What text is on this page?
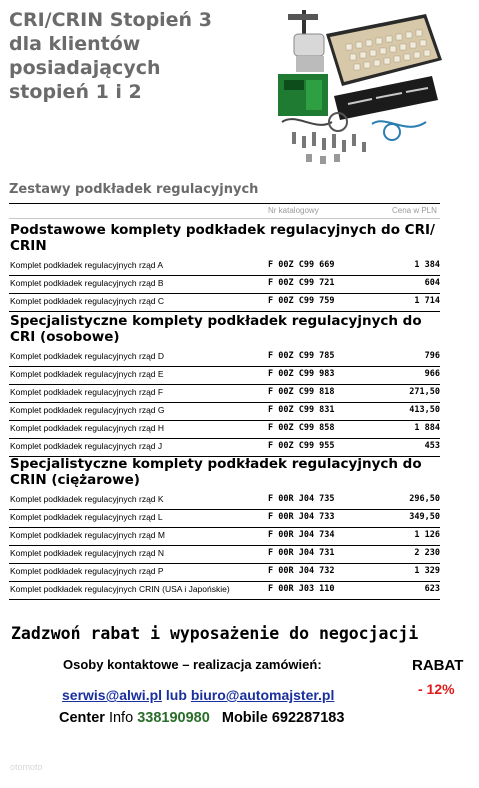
CRI/CRIN Stopień 3
dla klientów
posiadających
stopień 1 i 2
Zestawy podkładek regulacyjnych
Nr katalogowy	Cena w PLN
Podstawowe komplety podkładek regulacyjnych do CRI/ CRIN
Komplet podkładek regulacyjnych rząd A	F 00Z C99 669	1 384
Komplet podkładek regulacyjnych rząd B	F 00Z C99 721	604
Komplet podkładek regulacyjnych rząd C	F 00Z C99 759	1 714
Specjalistyczne komplety podkładek regulacyjnych do CRI (osobowe)
Komplet podkładek regulacyjnych rząd D	F 00Z C99 785	796
Komplet podkładek regulacyjnych rząd E	F 00Z C99 983	966
Komplet podkładek regulacyjnych rząd F	F 00Z C99 818	271,50
Komplet podkładek regulacyjnych rząd G	F 00Z C99 831	413,50
Komplet podkładek regulacyjnych rząd H	F 00Z C99 858	1 884
Komplet podkładek regulacyjnych rząd J	F 00Z C99 955	453
Specjalistyczne komplety podkładek regulacyjnych do CRIN (ciężarowe)
Komplet podkładek regulacyjnych rząd K	F 00R J04 735	296,50
Komplet podkładek regulacyjnych rząd L	F 00R J04 733	349,50
Komplet podkładek regulacyjnych rząd M	F 00R J04 734	1 126
Komplet podkładek regulacyjnych rząd N	F 00R J04 731	2 230
Komplet podkładek regulacyjnych rząd P	F 00R J04 732	1 329
Komplet podkładek regulacyjnych CRIN (USA i Japońskie)	F 00R J03 110	623
Zadzwoń rabat i wyposażenie do negocjacji
Osoby kontaktowe – realizacja zamówień:	RABAT
- 12%
serwis@alwi.pl lub biuro@automajster.pl
Center Info 338190980 Mobile 692287183
otomoto
